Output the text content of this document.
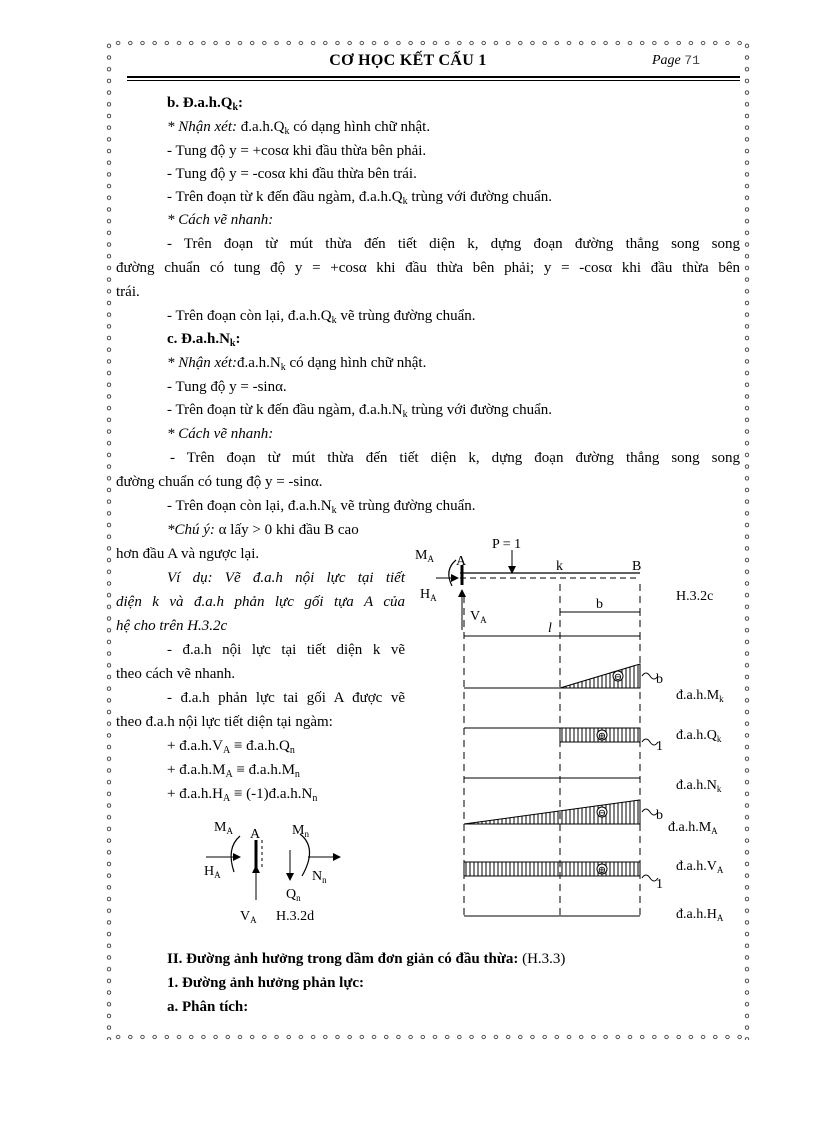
CƠ HỌC KẾT CẤU 1	Page 71
b. $Đ.a.h.Q_k$:
* Nhận xét: $đ.a.h.Q_k$ có dạng hình chữ nhật.
- Tung độ y = +cosα khi đầu thừa bên phải.
- Tung độ y = -cosα khi đầu thừa bên trái.
- Trên đoạn từ k đến đầu ngàm, $đ.a.h.Q_k$ trùng với đường chuẩn.
* Cách vẽ nhanh:
- Trên đoạn từ mút thừa đến tiết diện k, dựng đoạn đường thẳng song song
đường chuẩn có tung độ y = +cosα khi đầu thừa bên phải; y = -cosα khi đầu thừa bên
trái.
- Trên đoạn còn lại, $đ.a.h.Q_k$ vẽ trùng đường chuẩn.
c. $Đ.a.h.N_k$:
* Nhận $xét:đ.a.h.N_k$ có dạng hình chữ nhật.
- Tung độ y = -sinα.
- Trên đoạn từ k đến đầu ngàm, $đ.a.h.N_k$ trùng với đường chuẩn.
* Cách vẽ nhanh:
- Trên đoạn từ mút thừa đến tiết diện k, dựng đoạn đường thẳng song song
đường chuẩn có tung độ y = -sinα.
- Trên đoạn còn lại, $đ.a.h.N_k$ vẽ trùng đường chuẩn.
*Chú ý: α lấy > 0 khi đầu B cao
hơn đầu A và ngược lại.
Ví dụ: Vẽ đ.a.h nội lực tại tiết
diện k và đ.a.h phản lực gối tựa A của
hệ cho trên H.3.2c
- đ.a.h nội lực tại tiết diện k vẽ
theo cách vẽ nhanh.
- đ.a.h phản lực tai gối A được vẽ
theo đ.a.h nội lực tiết diện tại ngàm:
+ $đ.a.h.V_A$ ≡ $đ.a.h.Q_n$
+ $đ.a.h.M_A$ ≡ $đ.a.h.M_n$
+ $đ.a.h.H_A$ ≡ $(-1)đ.a.h.N_n$
⊖
⊕
⊖
⊕
P = 1
$M_A$ A
$H_A$
$V_A$
k	B
b
l
H.3.2c
b
1
b
1
$đ.a.h.M_k$
$đ.a.h.Q_k$
$đ.a.h.N_k$
$đ.a.h.M_A$
$đ.a.h.V_A$
$đ.a.h.H_A$
$M_A$ A $M_n$
$H_A$	$N_n$
$Q_n$
$V_A$ H.3.2d
II. Đường ảnh hưởng trong dầm đơn giản có đầu thừa: (H.3.3)
1. Đường ảnh hưởng phản lực:
a. Phân tích:
